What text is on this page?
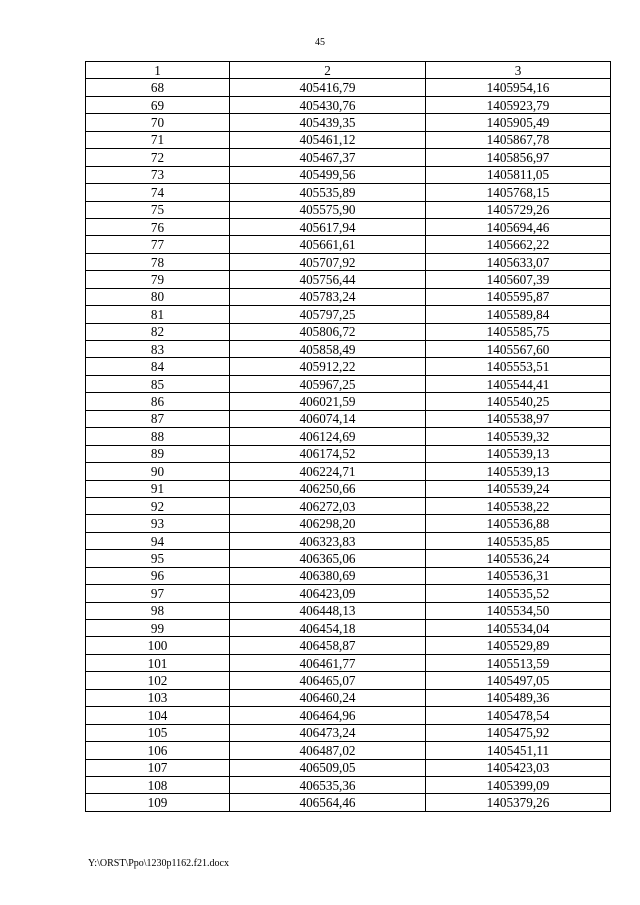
45
1	2	3
68	405416,79	1405954,16
69	405430,76	1405923,79
70	405439,35	1405905,49
71	405461,12	1405867,78
72	405467,37	1405856,97
73	405499,56	1405811,05
74	405535,89	1405768,15
75	405575,90	1405729,26
76	405617,94	1405694,46
77	405661,61	1405662,22
78	405707,92	1405633,07
79	405756,44	1405607,39
80	405783,24	1405595,87
81	405797,25	1405589,84
82	405806,72	1405585,75
83	405858,49	1405567,60
84	405912,22	1405553,51
85	405967,25	1405544,41
86	406021,59	1405540,25
87	406074,14	1405538,97
88	406124,69	1405539,32
89	406174,52	1405539,13
90	406224,71	1405539,13
91	406250,66	1405539,24
92	406272,03	1405538,22
93	406298,20	1405536,88
94	406323,83	1405535,85
95	406365,06	1405536,24
96	406380,69	1405536,31
97	406423,09	1405535,52
98	406448,13	1405534,50
99	406454,18	1405534,04
100	406458,87	1405529,89
101	406461,77	1405513,59
102	406465,07	1405497,05
103	406460,24	1405489,36
104	406464,96	1405478,54
105	406473,24	1405475,92
106	406487,02	1405451,11
107	406509,05	1405423,03
108	406535,36	1405399,09
109	406564,46	1405379,26
Y:\ORST\Ppo\1230p1162.f21.docx
